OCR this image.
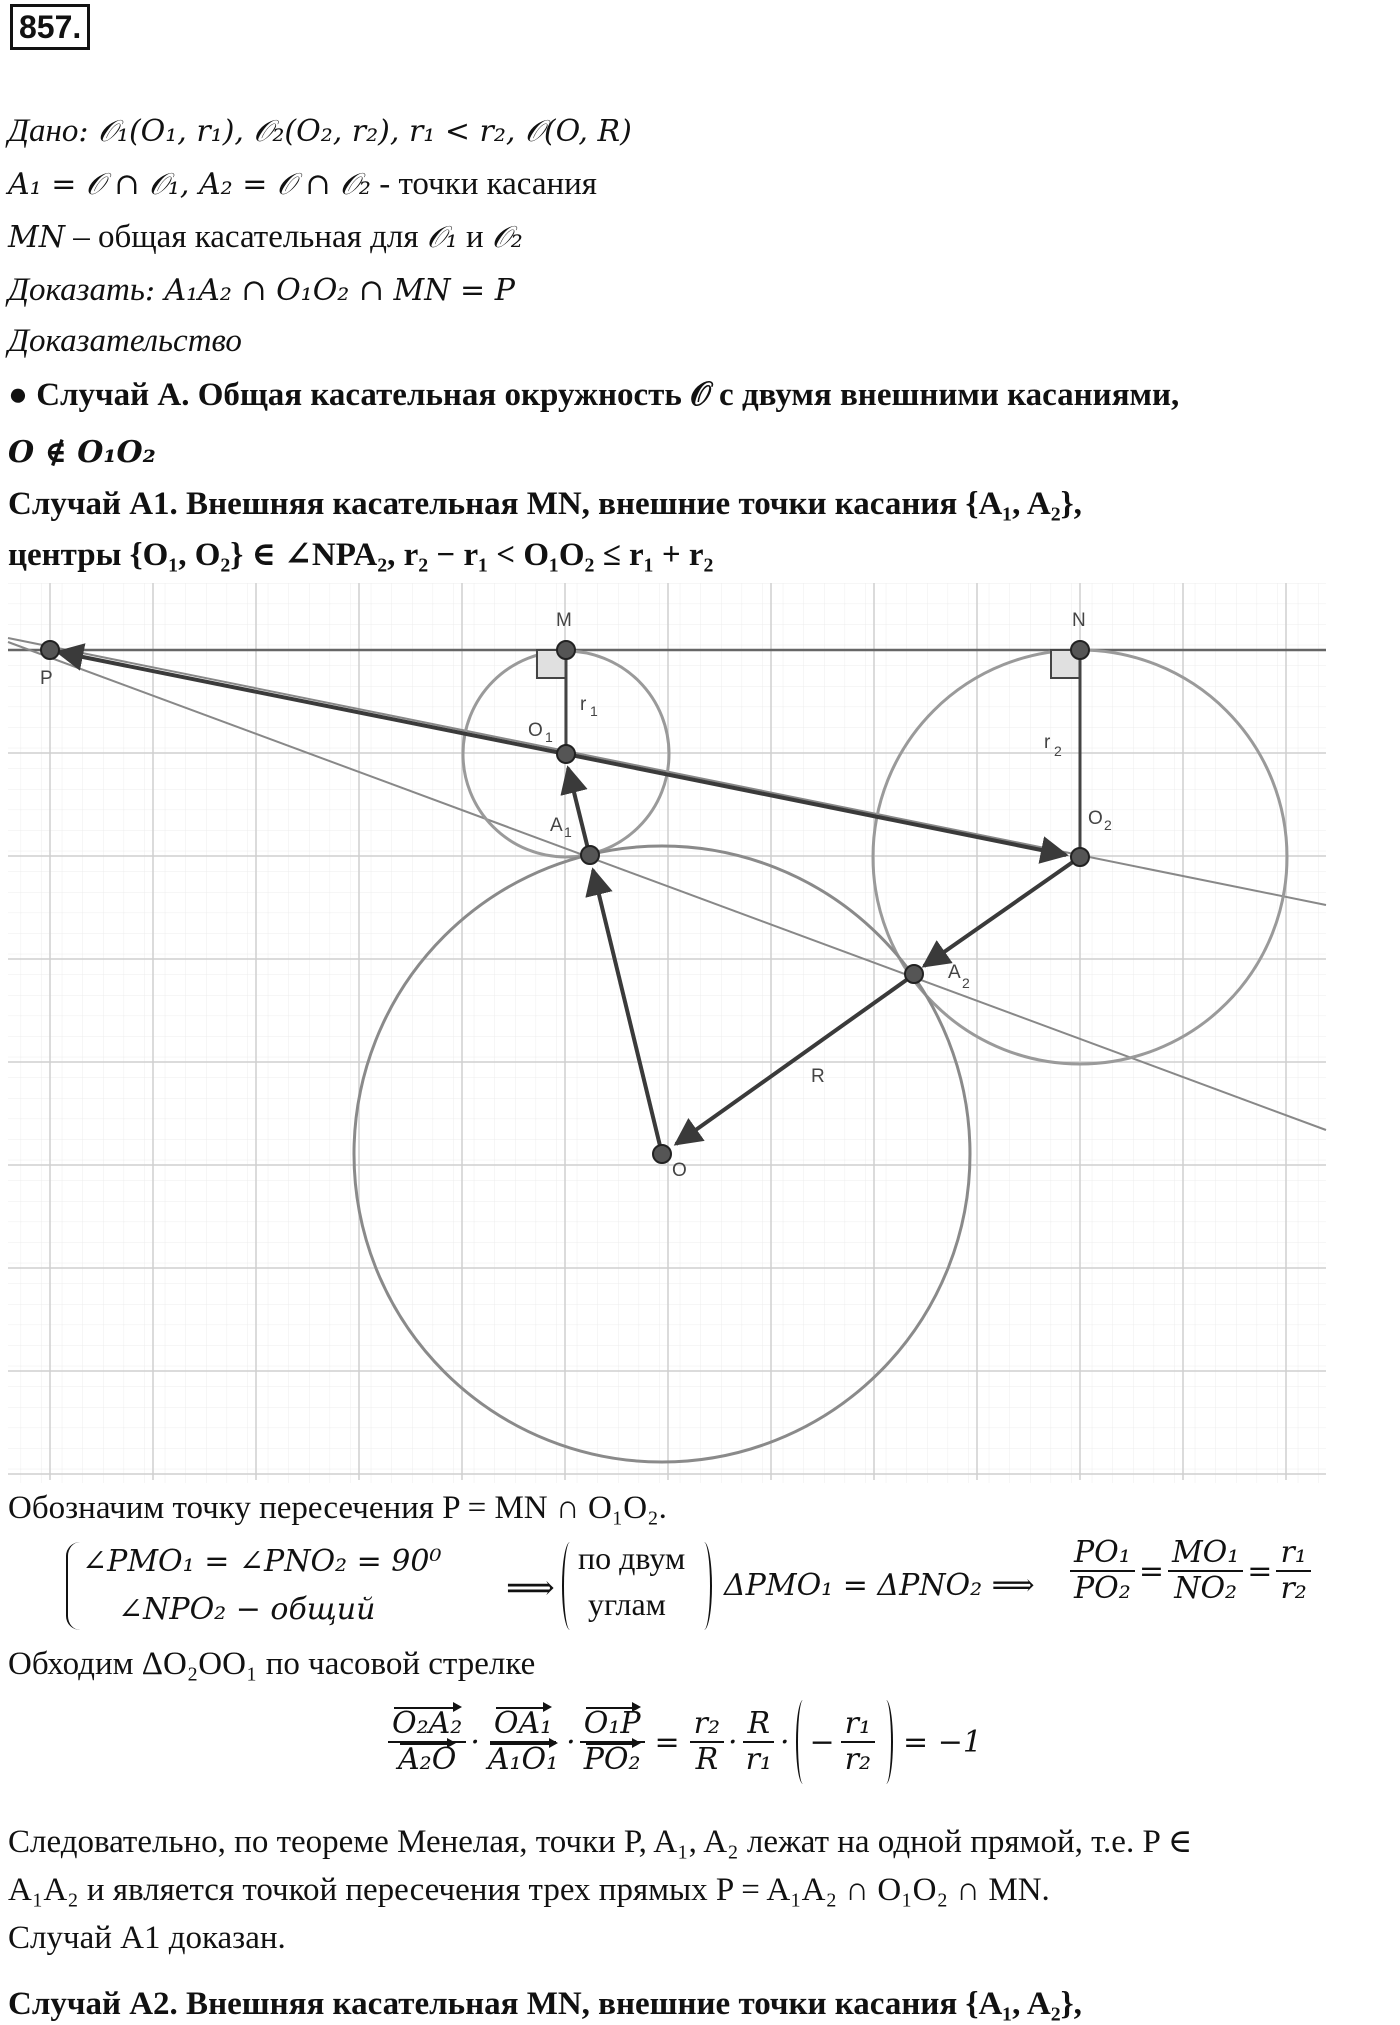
857.
Дано: 𝒪₁(O₁, r₁), 𝒪₂(O₂, r₂), r₁ < r₂, 𝒪(O, R)
A₁ = 𝒪 ∩ 𝒪₁, A₂ = 𝒪 ∩ 𝒪₂ - точки касания
MN – общая касательная для 𝒪₁ и 𝒪₂
Доказать: A₁A₂ ∩ O₁O₂ ∩ MN = P
Доказательство
● Случай А. Общая касательная окружность 𝒪 с двумя внешними касаниями,
O ∉ O₁O₂
Случай А1. Внешняя касательная MN, внешние точки касания {A₁, A₂},
центры {O₁, O₂} ∈ ∠NPA₂, r₂ − r₁ < O₁O₂ ≤ r₁ + r₂
P
M	N
O 1
O 2
A 1
A 2
O
R
r 1
r 2
Обозначим точку пересечения P = MN ∩ O₁O₂.
∠PMO₁ = ∠PNO₂ = 90⁰
∠NPO₂ − общий
⟹
по двум
углам
ΔPMO₁ = ΔPNO₂ ⟹ $\frac{\text{PO₁}}{\text{PO₂}} = \frac{\text{MO₁}}{\text{NO₂}} = \frac{\text{r₁}}{\text{r₂}}$
Обходим ΔO₂OO₁ по часовой стрелке
$\frac{\text{O₂A₂}}{\text{A₂O}} \cdot \frac{\text{OA₁}}{\text{A₁O₁}} \cdot \frac{\text{O₁P}}{\text{PO₂}} = \frac{\text{r₂}}{R} \cdot \frac{R}{\text{r₁}}$ · − $\frac{\text{r₁}}{\text{r₂}} = -1$
Следовательно, по теореме Менелая, точки P, A₁, A₂ лежат на одной прямой, т.е. P ∈
A₁A₂ и является точкой пересечения трех прямых P = A₁A₂ ∩ O₁O₂ ∩ MN.
Случай А1 доказан.
Случай А2. Внешняя касательная MN, внешние точки касания {A₁, A₂},
